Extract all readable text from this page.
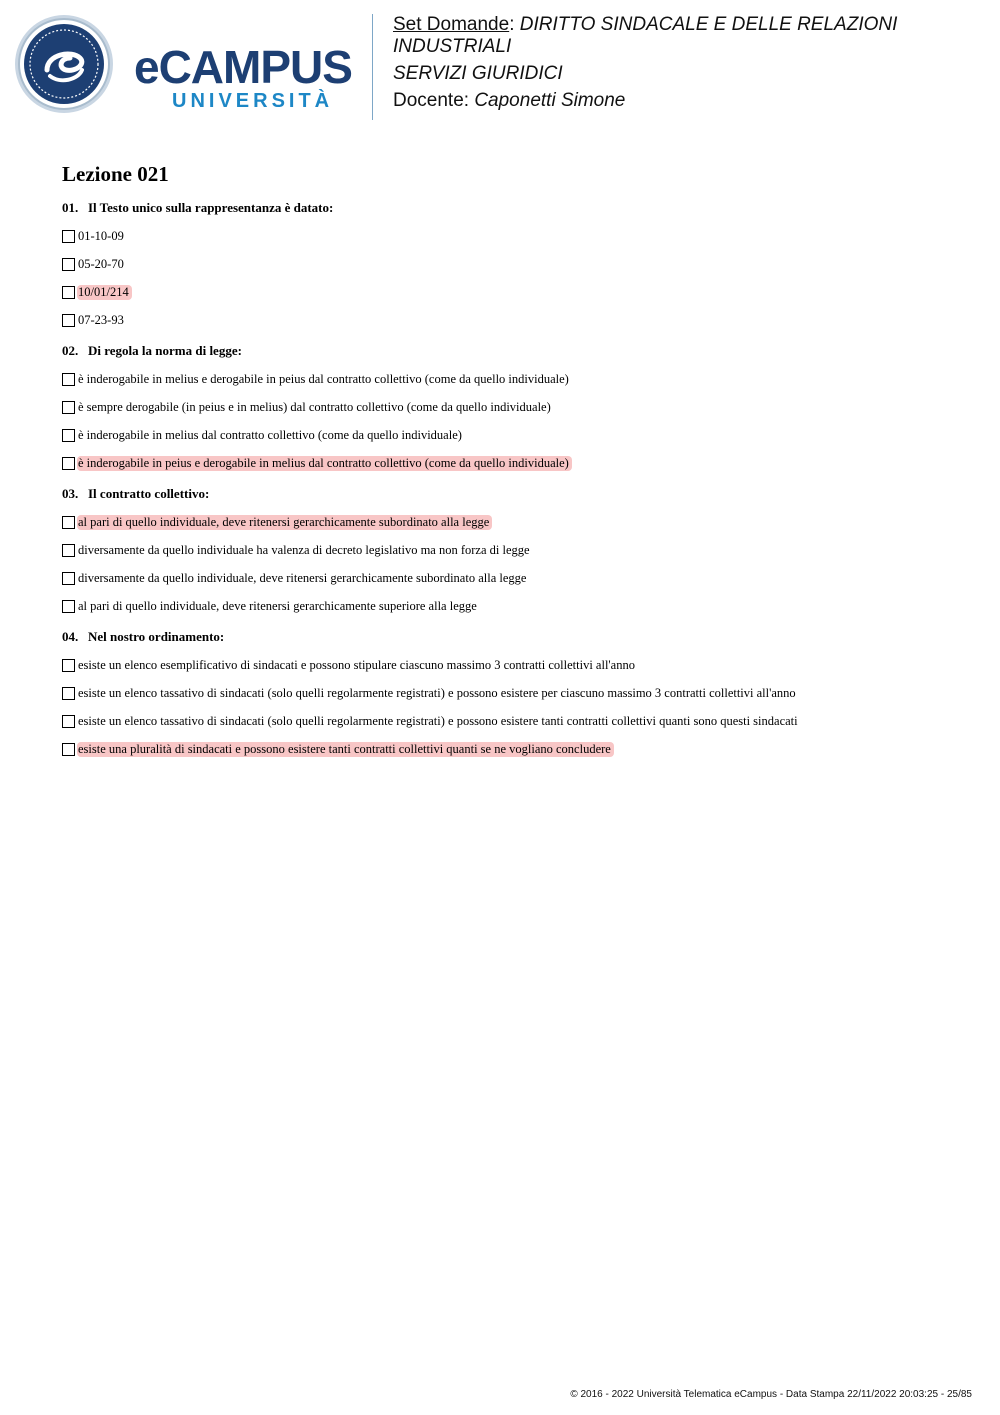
eCAMPUS
UNIVERSITÀ
Set Domande: DIRITTO SINDACALE E DELLE RELAZIONI
INDUSTRIALI
SERVIZI GIURIDICI
Docente: Caponetti Simone
Lezione 021
01. Il Testo unico sulla rappresentanza è datato:
01-10-09
05-20-70
10/01/214
07-23-93
02. Di regola la norma di legge:
è inderogabile in melius e derogabile in peius dal contratto collettivo (come da quello individuale)
è sempre derogabile (in peius e in melius) dal contratto collettivo (come da quello individuale)
è inderogabile in melius dal contratto collettivo (come da quello individuale)
è inderogabile in peius e derogabile in melius dal contratto collettivo (come da quello individuale)
03. Il contratto collettivo:
al pari di quello individuale, deve ritenersi gerarchicamente subordinato alla legge
diversamente da quello individuale ha valenza di decreto legislativo ma non forza di legge
diversamente da quello individuale, deve ritenersi gerarchicamente subordinato alla legge
al pari di quello individuale, deve ritenersi gerarchicamente superiore alla legge
04. Nel nostro ordinamento:
esiste un elenco esemplificativo di sindacati e possono stipulare ciascuno massimo 3 contratti collettivi all'anno
esiste un elenco tassativo di sindacati (solo quelli regolarmente registrati) e possono esistere per ciascuno massimo 3 contratti collettivi all'anno
esiste un elenco tassativo di sindacati (solo quelli regolarmente registrati) e possono esistere tanti contratti collettivi quanti sono questi sindacati
esiste una pluralità di sindacati e possono esistere tanti contratti collettivi quanti se ne vogliano concludere
© 2016 - 2022 Università Telematica eCampus - Data Stampa 22/11/2022 20:03:25 - 25/85
